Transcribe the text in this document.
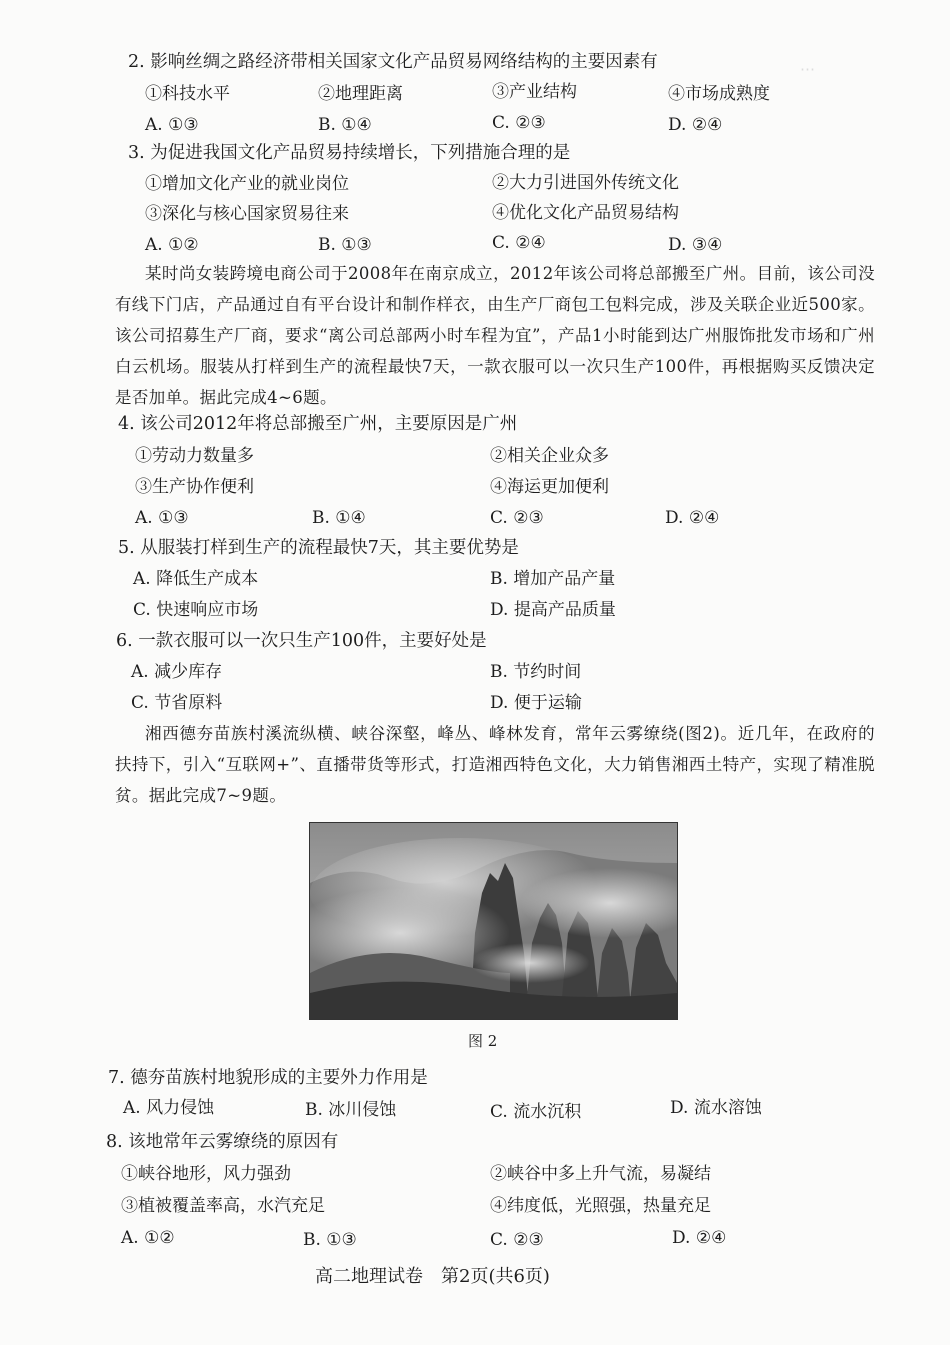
⋯
2. 影响丝绸之路经济带相关国家文化产品贸易网络结构的主要因素有
①科技水平	②地理距离	③产业结构	④市场成熟度
A. ①③	B. ①④	C. ②③	D. ②④
3. 为促进我国文化产品贸易持续增长，下列措施合理的是
①增加文化产业的就业岗位	②大力引进国外传统文化
③深化与核心国家贸易往来	④优化文化产品贸易结构
A. ①②	B. ①③	C. ②④	D. ③④
某时尚女装跨境电商公司于2008年在南京成立，2012年该公司将总部搬至广州。目前，该公司没有线下门店，产品通过自有平台设计和制作样衣，由生产厂商包工包料完成，涉及关联企业近500家。该公司招募生产厂商，要求“离公司总部两小时车程为宜”，产品1小时能到达广州服饰批发市场和广州白云机场。服装从打样到生产的流程最快7天，一款衣服可以一次只生产100件，再根据购买反馈决定是否加单。据此完成4~6题。
4. 该公司2012年将总部搬至广州，主要原因是广州
①劳动力数量多	②相关企业众多
③生产协作便利	④海运更加便利
A. ①③	B. ①④	C. ②③	D. ②④
5. 从服装打样到生产的流程最快7天，其主要优势是
A. 降低生产成本	B. 增加产品产量
C. 快速响应市场	D. 提高产品质量
6. 一款衣服可以一次只生产100件，主要好处是
A. 减少库存	B. 节约时间
C. 节省原料	D. 便于运输
湘西德夯苗族村溪流纵横、峡谷深壑，峰丛、峰林发育，常年云雾缭绕(图2)。近几年，在政府的扶持下，引入“互联网+”、直播带货等形式，打造湘西特色文化，大力销售湘西土特产，实现了精准脱贫。据此完成7~9题。
图 2
7. 德夯苗族村地貌形成的主要外力作用是
A. 风力侵蚀	B. 冰川侵蚀	C. 流水沉积	D. 流水溶蚀
8. 该地常年云雾缭绕的原因有
①峡谷地形，风力强劲	②峡谷中多上升气流，易凝结
③植被覆盖率高，水汽充足	④纬度低，光照强，热量充足
A. ①②	B. ①③	C. ②③	D. ②④
高二地理试卷　第2页(共6页)
